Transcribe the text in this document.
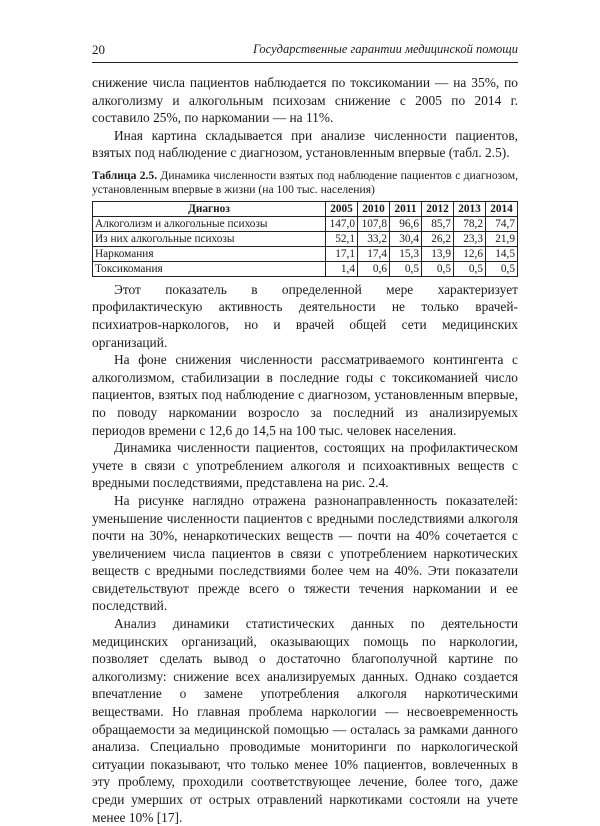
20	Государственные гарантии медицинской помощи

снижение числа пациентов наблюдается по токсикомании — на 35%, по алкоголизму и алкогольным психозам снижение с 2005 по 2014 г. составило 25%, по наркомании — на 11%.

Иная картина складывается при анализе численности пациентов, взятых под наблюдение с диагнозом, установленным впервые (табл. 2.5).

Таблица 2.5. Динамика численности взятых под наблюдение пациентов с диагнозом, установленным впервые в жизни (на 100 тыс. населения)
Диагноз	2005	2010	2011	2012	2013	2014
Алкоголизм и алкогольные психозы	147,0	107,8	96,6	85,7	78,2	74,7
Из них алкогольные психозы	52,1	33,2	30,4	26,2	23,3	21,9
Наркомания	17,1	17,4	15,3	13,9	12,6	14,5
Токсикомания	1,4	0,6	0,5	0,5	0,5	0,5

Этот показатель в определенной мере характеризует профилактическую активность деятельности не только врачей-психиатров-наркологов, но и врачей общей сети медицинских организаций.

На фоне снижения численности рассматриваемого контингента с алкоголизмом, стабилизации в последние годы с токсикоманией число пациентов, взятых под наблюдение с диагнозом, установленным впервые, по поводу наркомании возросло за последний из анализируемых периодов времени с 12,6 до 14,5 на 100 тыс. человек населения.

Динамика численности пациентов, состоящих на профилактическом учете в связи с употреблением алкоголя и психоактивных веществ с вредными последствиями, представлена на рис. 2.4.

На рисунке наглядно отражена разнонаправленность показателей: уменьшение численности пациентов с вредными последствиями алкоголя почти на 30%, ненаркотических веществ — почти на 40% сочетается с увеличением числа пациентов в связи с употреблением наркотических веществ с вредными последствиями более чем на 40%. Эти показатели свидетельствуют прежде всего о тяжести течения наркомании и ее последствий.

Анализ динамики статистических данных по деятельности медицинских организаций, оказывающих помощь по наркологии, позволяет сделать вывод о достаточно благополучной картине по алкоголизму: снижение всех анализируемых данных. Однако создается впечатление о замене употребления алкоголя наркотическими веществами. Но главная проблема наркологии — несвоевременность обращаемости за медицинской помощью — осталась за рамками данного анализа. Специально проводимые мониторинги по наркологической ситуации показывают, что только менее 10% пациентов, вовлеченных в эту проблему, проходили соответствующее лечение, более того, даже среди умерших от острых отравлений наркотиками состояли на учете менее 10% [17].
